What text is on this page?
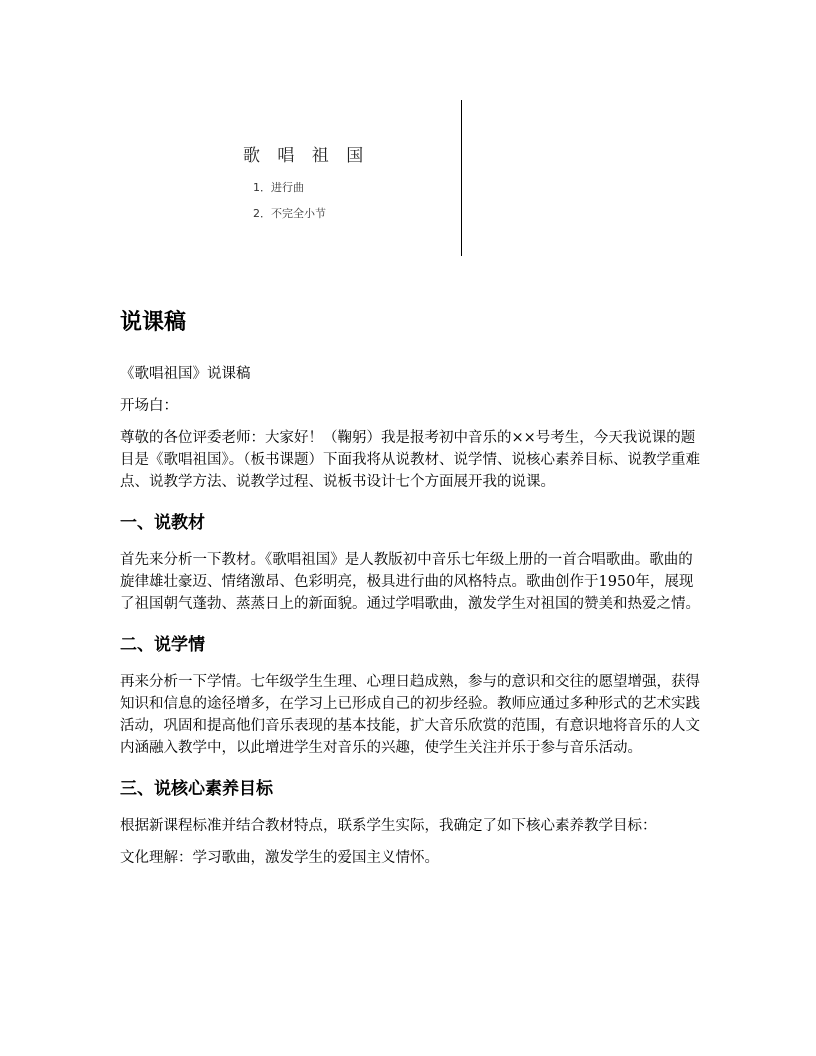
歌 唱 祖 国
1．进行曲
2．不完全小节
说课稿

《歌唱祖国》说课稿

开场白：

尊敬的各位评委老师：大家好！（鞠躬）我是报考初中音乐的××号考生，今天我说课的题目是《歌唱祖国》。（板书课题）下面我将从说教材、说学情、说核心素养目标、说教学重难点、说教学方法、说教学过程、说板书设计七个方面展开我的说课。

一、说教材

首先来分析一下教材。《歌唱祖国》是人教版初中音乐七年级上册的一首合唱歌曲。歌曲的旋律雄壮豪迈、情绪激昂、色彩明亮，极具进行曲的风格特点。歌曲创作于1950年，展现了祖国朝气蓬勃、蒸蒸日上的新面貌。通过学唱歌曲，激发学生对祖国的赞美和热爱之情。

二、说学情

再来分析一下学情。七年级学生生理、心理日趋成熟，参与的意识和交往的愿望增强，获得知识和信息的途径增多，在学习上已形成自己的初步经验。教师应通过多种形式的艺术实践活动，巩固和提高他们音乐表现的基本技能，扩大音乐欣赏的范围，有意识地将音乐的人文内涵融入教学中，以此增进学生对音乐的兴趣，使学生关注并乐于参与音乐活动。

三、说核心素养目标

根据新课程标准并结合教材特点，联系学生实际，我确定了如下核心素养教学目标：

文化理解：学习歌曲，激发学生的爱国主义情怀。
